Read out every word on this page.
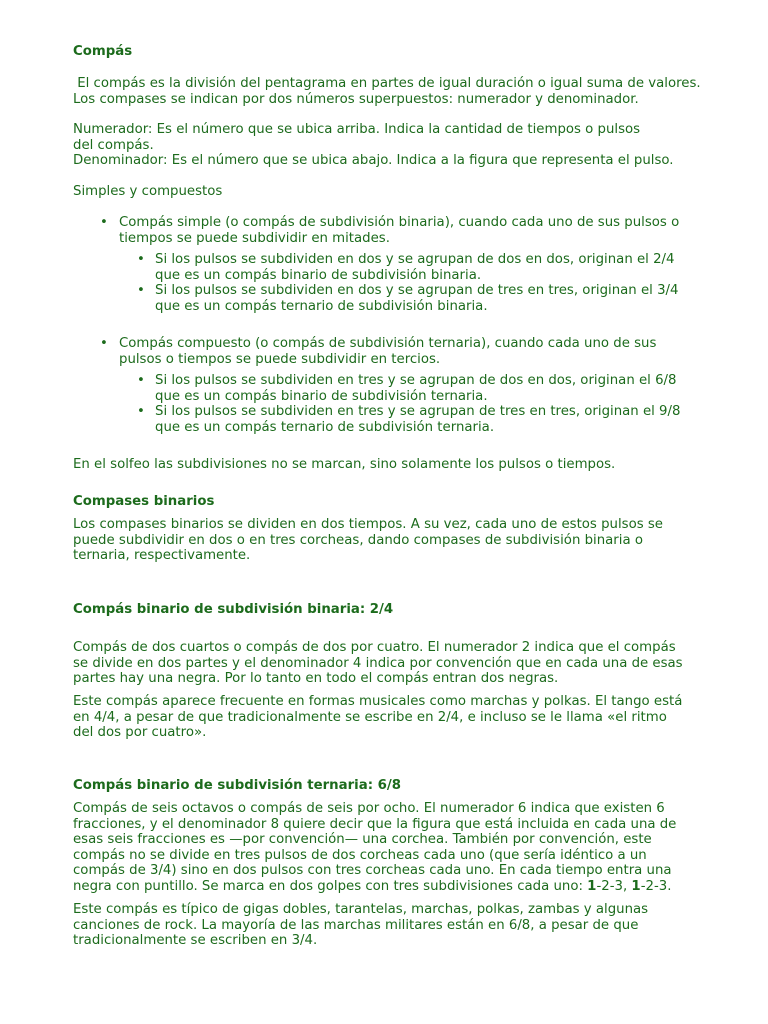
Compás

El compás es la división del pentagrama en partes de igual duración o igual suma de valores.

Los compases se indican por dos números superpuestos: numerador y denominador.

Numerador: Es el número que se ubica arriba. Indica la cantidad de tiempos o pulsos del compás.

Denominador: Es el número que se ubica abajo. Indica a la figura que representa el pulso.

Simples y compuestos

• Compás simple (o compás de subdivisión binaria), cuando cada uno de sus pulsos o tiempos se puede subdividir en mitades.
• Si los pulsos se subdividen en dos y se agrupan de dos en dos, originan el 2/4 que es un compás binario de subdivisión binaria.
• Si los pulsos se subdividen en dos y se agrupan de tres en tres, originan el 3/4 que es un compás ternario de subdivisión binaria.
• Compás compuesto (o compás de subdivisión ternaria), cuando cada uno de sus pulsos o tiempos se puede subdividir en tercios.
• Si los pulsos se subdividen en tres y se agrupan de dos en dos, originan el 6/8 que es un compás binario de subdivisión ternaria.
• Si los pulsos se subdividen en tres y se agrupan de tres en tres, originan el 9/8 que es un compás ternario de subdivisión ternaria.

En el solfeo las subdivisiones no se marcan, sino solamente los pulsos o tiempos.

Compases binarios

Los compases binarios se dividen en dos tiempos. A su vez, cada uno de estos pulsos se puede subdividir en dos o en tres corcheas, dando compases de subdivisión binaria o ternaria, respectivamente.

Compás binario de subdivisión binaria: 2/4

Compás de dos cuartos o compás de dos por cuatro. El numerador 2 indica que el compás se divide en dos partes y el denominador 4 indica por convención que en cada una de esas partes hay una negra. Por lo tanto en todo el compás entran dos negras.

Este compás aparece frecuente en formas musicales como marchas y polkas. El tango está en 4/4, a pesar de que tradicionalmente se escribe en 2/4, e incluso se le llama «el ritmo del dos por cuatro».

Compás binario de subdivisión ternaria: 6/8

Compás de seis octavos o compás de seis por ocho. El numerador 6 indica que existen 6 fracciones, y el denominador 8 quiere decir que la figura que está incluida en cada una de esas seis fracciones es —por convención— una corchea. También por convención, este compás no se divide en tres pulsos de dos corcheas cada uno (que sería idéntico a un compás de 3/4) sino en dos pulsos con tres corcheas cada uno. En cada tiempo entra una negra con puntillo. Se marca en dos golpes con tres subdivisiones cada uno: 1-2-3, 1-2-3.

Este compás es típico de gigas dobles, tarantelas, marchas, polkas, zambas y algunas canciones de rock. La mayoría de las marchas militares están en 6/8, a pesar de que tradicionalmente se escriben en 3/4.
